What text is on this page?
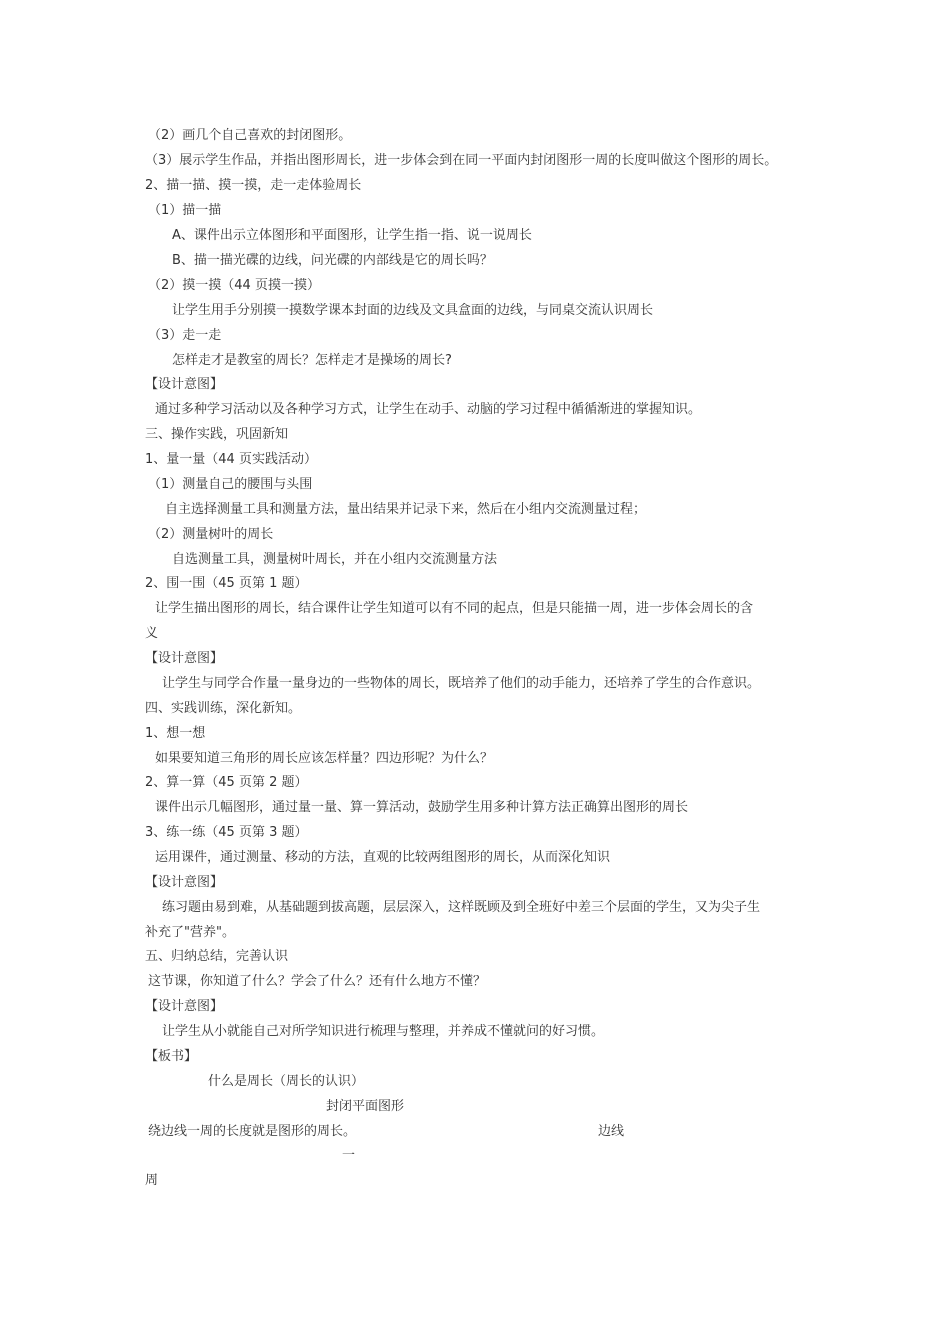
（2）画几个自己喜欢的封闭图形。
（3）展示学生作品，并指出图形周长，进一步体会到在同一平面内封闭图形一周的长度叫做这个图形的周长。
2、描一描、摸一摸，走一走体验周长
（1）描一描
A、课件出示立体图形和平面图形，让学生指一指、说一说周长
B、描一描光碟的边线，问光碟的内部线是它的周长吗？
（2）摸一摸（44 页摸一摸）
让学生用手分别摸一摸数学课本封面的边线及文具盒面的边线，与同桌交流认识周长
（3）走一走
怎样走才是教室的周长？怎样走才是操场的周长?
【设计意图】
通过多种学习活动以及各种学习方式，让学生在动手、动脑的学习过程中循循渐进的掌握知识。
三、操作实践，巩固新知
1、量一量（44 页实践活动）
（1）测量自己的腰围与头围
自主选择测量工具和测量方法，量出结果并记录下来，然后在小组内交流测量过程；
（2）测量树叶的周长
自选测量工具，测量树叶周长，并在小组内交流测量方法
2、围一围（45 页第 1 题）
让学生描出图形的周长，结合课件让学生知道可以有不同的起点，但是只能描一周，进一步体会周长的含
义
【设计意图】
让学生与同学合作量一量身边的一些物体的周长，既培养了他们的动手能力，还培养了学生的合作意识。
四、实践训练，深化新知。
1、想一想
如果要知道三角形的周长应该怎样量？四边形呢？为什么？
2、算一算（45 页第 2 题）
课件出示几幅图形，通过量一量、算一算活动，鼓励学生用多种计算方法正确算出图形的周长
3、练一练（45 页第 3 题）
运用课件，通过测量、移动的方法，直观的比较两组图形的周长，从而深化知识
【设计意图】
练习题由易到难，从基础题到拔高题，层层深入，这样既顾及到全班好中差三个层面的学生，又为尖子生
补充了"营养"。
五、归纳总结，完善认识
这节课，你知道了什么？学会了什么？还有什么地方不懂？
【设计意图】
让学生从小就能自己对所学知识进行梳理与整理，并养成不懂就问的好习惯。
【板书】
什么是周长（周长的认识）
封闭平面图形
绕边线一周的长度就是图形的周长。	边线
一
周
